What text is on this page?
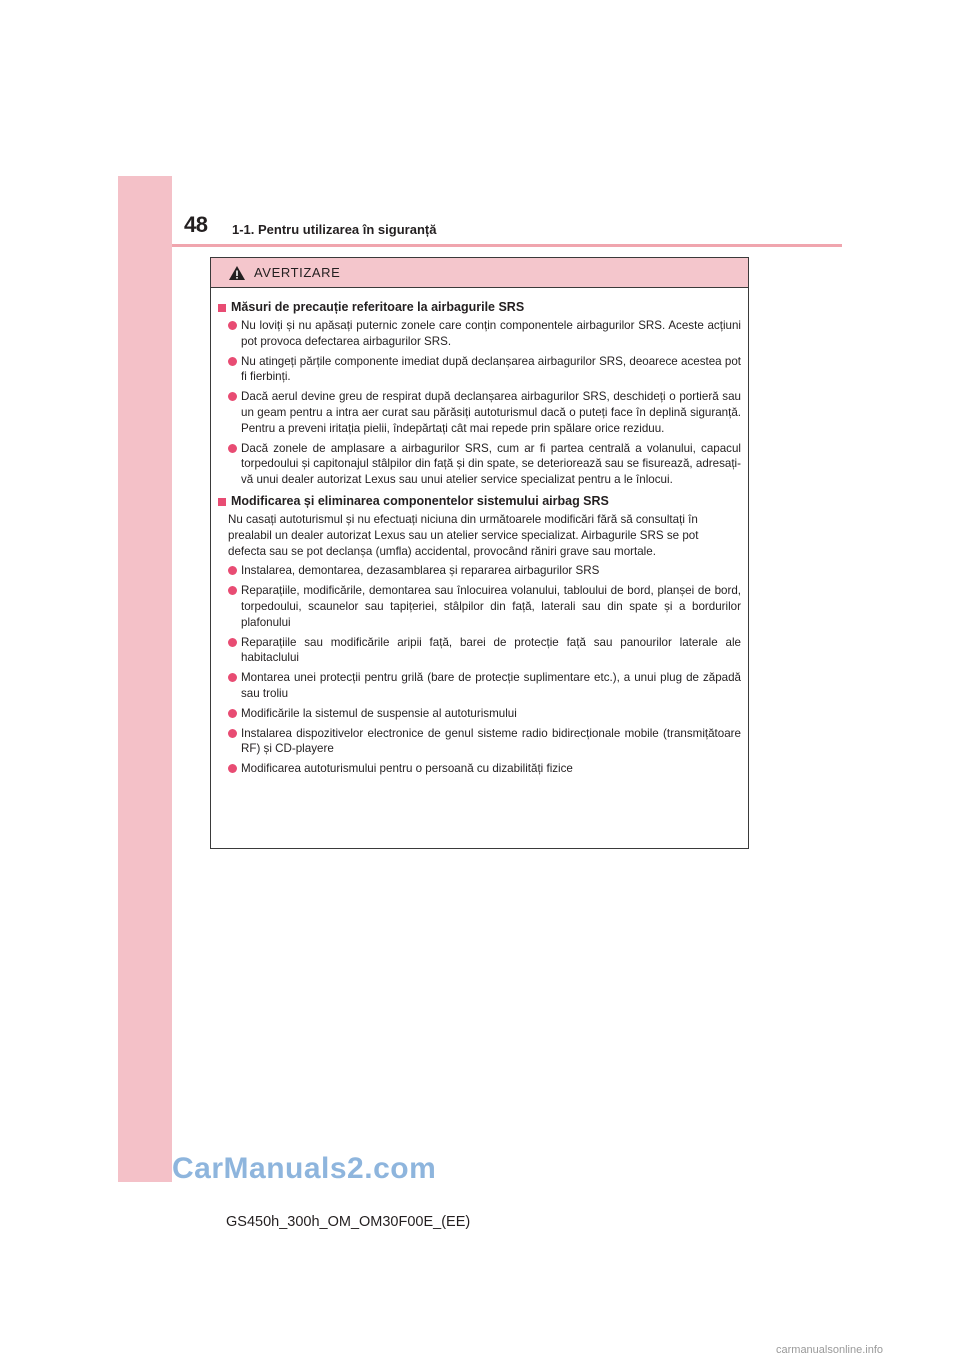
48 1-1. Pentru utilizarea în siguranță
AVERTIZARE
Măsuri de precauție referitoare la airbagurile SRS
Nu loviți și nu apăsați puternic zonele care conțin componentele airbagurilor SRS. Aceste acțiuni pot provoca defectarea airbagurilor SRS.
Nu atingeți părțile componente imediat după declanșarea airbagurilor SRS, deoarece acestea pot fi fierbinți.
Dacă aerul devine greu de respirat după declanșarea airbagurilor SRS, deschideți o portieră sau un geam pentru a intra aer curat sau părăsiți autoturismul dacă o puteți face în deplină siguranță. Pentru a preveni iritația pielii, îndepărtați cât mai repede prin spălare orice reziduu.
Dacă zonele de amplasare a airbagurilor SRS, cum ar fi partea centrală a volanului, capacul torpedoului și capitonajul stâlpilor din față și din spate, se deteriorează sau se fisurează, adresați-vă unui dealer autorizat Lexus sau unui atelier service specializat pentru a le înlocui.
Modificarea și eliminarea componentelor sistemului airbag SRS
Nu casați autoturismul și nu efectuați niciuna din următoarele modificări fără să consultați în prealabil un dealer autorizat Lexus sau un atelier service specializat. Airbagurile SRS se pot defecta sau se pot declanșa (umfla) accidental, provocând răniri grave sau mortale.
Instalarea, demontarea, dezasamblarea și repararea airbagurilor SRS
Reparațiile, modificările, demontarea sau înlocuirea volanului, tabloului de bord, planșei de bord, torpedoului, scaunelor sau tapițeriei, stâlpilor din față, laterali sau din spate și a bordurilor plafonului
Reparațiile sau modificările aripii față, barei de protecție față sau panourilor laterale ale habitaclului
Montarea unei protecții pentru grilă (bare de protecție suplimentare etc.), a unui plug de zăpadă sau troliu
Modificările la sistemul de suspensie al autoturismului
Instalarea dispozitivelor electronice de genul sisteme radio bidirecționale mobile (transmițătoare RF) și CD-playere
Modificarea autoturismului pentru o persoană cu dizabilități fizice
CarManuals2.com
GS450h_300h_OM_OM30F00E_(EE)
carmanualsonline.info
